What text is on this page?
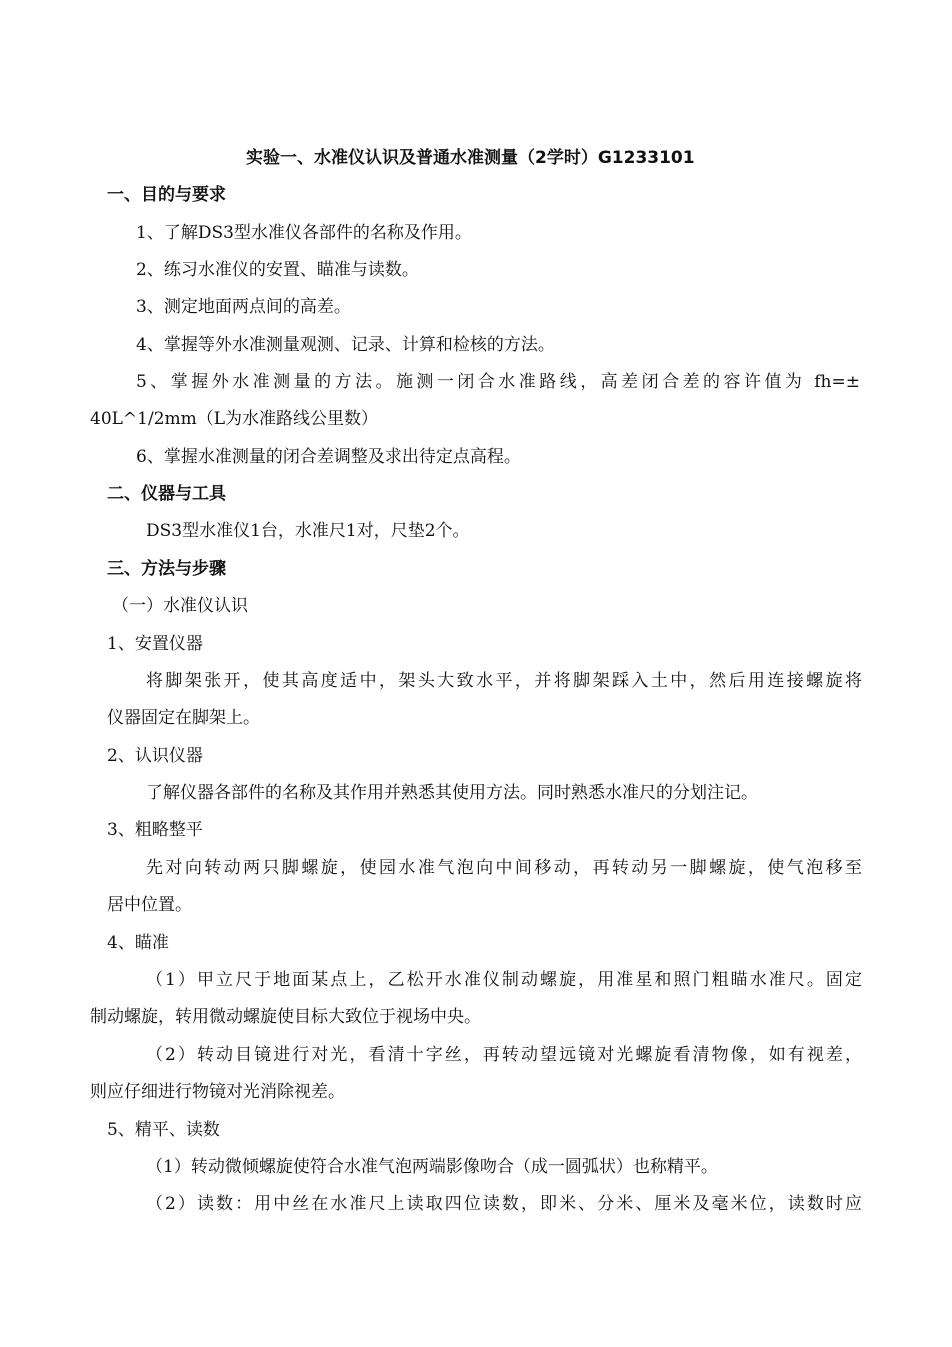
实验一、水准仪认识及普通水准测量（2学时）G1233101
一、目的与要求
1、了解DS3型水准仪各部件的名称及作用。
2、练习水准仪的安置、瞄准与读数。
3、测定地面两点间的高差。
4、掌握等外水准测量观测、记录、计算和检核的方法。
5、掌握外水准测量的方法。施测一闭合水准路线，高差闭合差的容许值为 fh=±
40L^1/2mm（L为水准路线公里数）
6、掌握水准测量的闭合差调整及求出待定点高程。
二、仪器与工具
DS3型水准仪1台，水准尺1对，尺垫2个。
三、方法与步骤
（一）水准仪认识
1、安置仪器
将脚架张开，使其高度适中，架头大致水平，并将脚架踩入土中，然后用连接螺旋将
仪器固定在脚架上。
2、认识仪器
了解仪器各部件的名称及其作用并熟悉其使用方法。同时熟悉水准尺的分划注记。
3、粗略整平
先对向转动两只脚螺旋，使园水准气泡向中间移动，再转动另一脚螺旋，使气泡移至
居中位置。
4、瞄准
（1）甲立尺于地面某点上，乙松开水准仪制动螺旋，用准星和照门粗瞄水准尺。固定
制动螺旋，转用微动螺旋使目标大致位于视场中央。
（2）转动目镜进行对光，看清十字丝，再转动望远镜对光螺旋看清物像，如有视差，
则应仔细进行物镜对光消除视差。
5、精平、读数
（1）转动微倾螺旋使符合水准气泡两端影像吻合（成一圆弧状）也称精平。
（2）读数：用中丝在水准尺上读取四位读数，即米、分米、厘米及毫米位，读数时应
